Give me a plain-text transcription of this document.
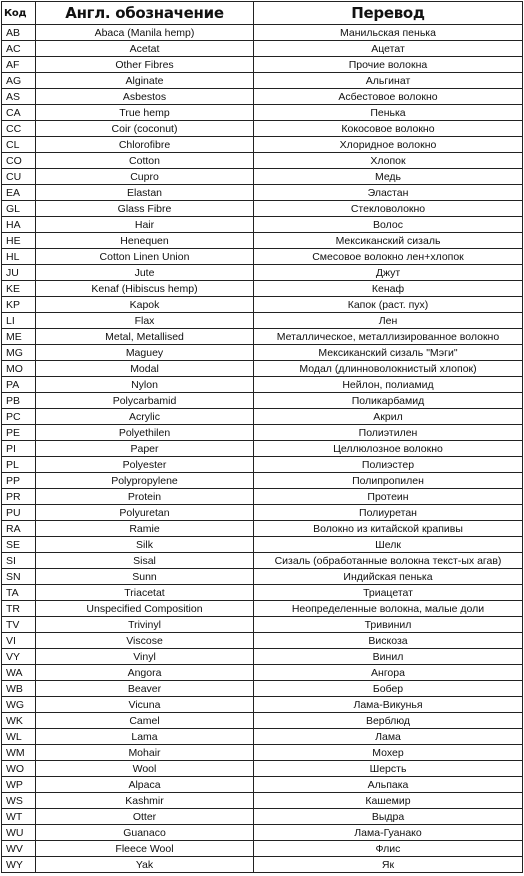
Код	Англ. обозначение	Перевод
AB	Abaca (Manila hemp)	Манильская пенька
AC	Acetat	Ацетат
AF	Other Fibres	Прочие волокна
AG	Alginate	Альгинат
AS	Asbestos	Асбестовое волокно
CA	True hemp	Пенька
CC	Coir (coconut)	Кокосовое волокно
CL	Chlorofibre	Хлоридное волокно
CO	Cotton	Хлопок
CU	Cupro	Медь
EA	Elastan	Эластан
GL	Glass Fibre	Стекловолокно
HA	Hair	Волос
HE	Henequen	Мексиканский сизаль
HL	Cotton Linen Union	Смесовое волокно лен+хлопок
JU	Jute	Джут
KE	Kenaf (Hibiscus hemp)	Кенаф
KP	Kapok	Капок (раст. пух)
LI	Flax	Лен
ME	Metal, Metallised	Металлическое, металлизированное волокно
MG	Maguey	Мексиканский сизаль "Мэги"
MO	Modal	Модал (длинноволокнистый хлопок)
PA	Nylon	Нейлон, полиамид
PB	Polycarbamid	Поликарбамид
PC	Acrylic	Акрил
PE	Polyethilen	Полиэтилен
PI	Paper	Целлюлозное волокно
PL	Polyester	Полиэстер
PP	Polypropylene	Полипропилен
PR	Protein	Протеин
PU	Polyuretan	Полиуретан
RA	Ramie	Волокно из китайской крапивы
SE	Silk	Шелк
SI	Sisal	Сизаль (обработанные волокна текст-ых агав)
SN	Sunn	Индийская пенька
TA	Triacetat	Триацетат
TR	Unspecified Composition	Неопределенные волокна, малые доли
TV	Trivinyl	Тривинил
VI	Viscose	Вискоза
VY	Vinyl	Винил
WA	Angora	Ангора
WB	Beaver	Бобер
WG	Vicuna	Лама-Викунья
WK	Camel	Верблюд
WL	Lama	Лама
WM	Mohair	Мохер
WO	Wool	Шерсть
WP	Alpaca	Альпака
WS	Kashmir	Кашемир
WT	Otter	Выдра
WU	Guanaco	Лама-Гуанако
WV	Fleece Wool	Флис
WY	Yak	Як
